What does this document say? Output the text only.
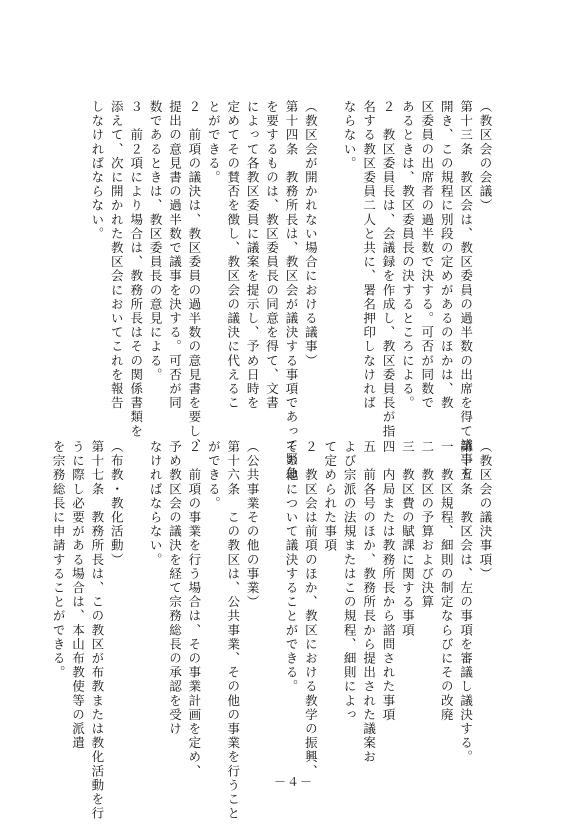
（教区会の会議）
第十三条　教区会は、教区委員の過半数の出席を得て議事を
開き、この規程に別段の定めがあるのほかは、教
区委員の出席者の過半数で決する。可否が同数で
あるときは、教区委員長の決するところによる。
２　教区委員長は、会議録を作成し、教区委員長が指
名する教区委員二人と共に、署名押印しなければ
ならない。

（教区会が開かれない場合における議事）
第十四条　教務所長は、教区会が議決する事項であって緊急
を要するものは、教区委員長の同意を得て、文書
によって各教区委員に議案を提示し、予め日時を
定めてその賛否を徴し、教区会の議決に代えるこ
とができる。
２　前項の議決は、教区委員の過半数の意見書を要し、
提出の意見書の過半数で議事を決する。可否が同
数であるときは、教区委員長の意見による。
３　前２項により場合は、教務所長はその関係書類を
添えて、次に開かれた教区会においてこれを報告
しなければならない。
（教区会の議決事項）
第十五条　教区会は、左の事項を審議し議決する。
一　教区規程、細則の制定ならびにその改廃
二　教区の予算および決算
三　教区費の賦課に関する事項
四　内局または教務所長から諮問された事項
五　前各号のほか、教務所長から提出された議案お
よび宗派の法規またはこの規程、細則によっ
て定められた事項
２　教区会は前項のほか、教区における教学の振興、
その他について議決することができる。

（公共事業その他の事業）
第十六条　この教区は、公共事業、その他の事業を行うこと
ができる。
２　前項の事業を行う場合は、その事業計画を定め、
予め教区会の議決を経て宗務総長の承認を受け
なければならない。

（布教・教化活動）
第十七条　教務所長は、この教区が布教または教化活動を行
うに際し必要がある場合は、本山布教使等の派遣
を宗務総長に申請することができる。
－４－
